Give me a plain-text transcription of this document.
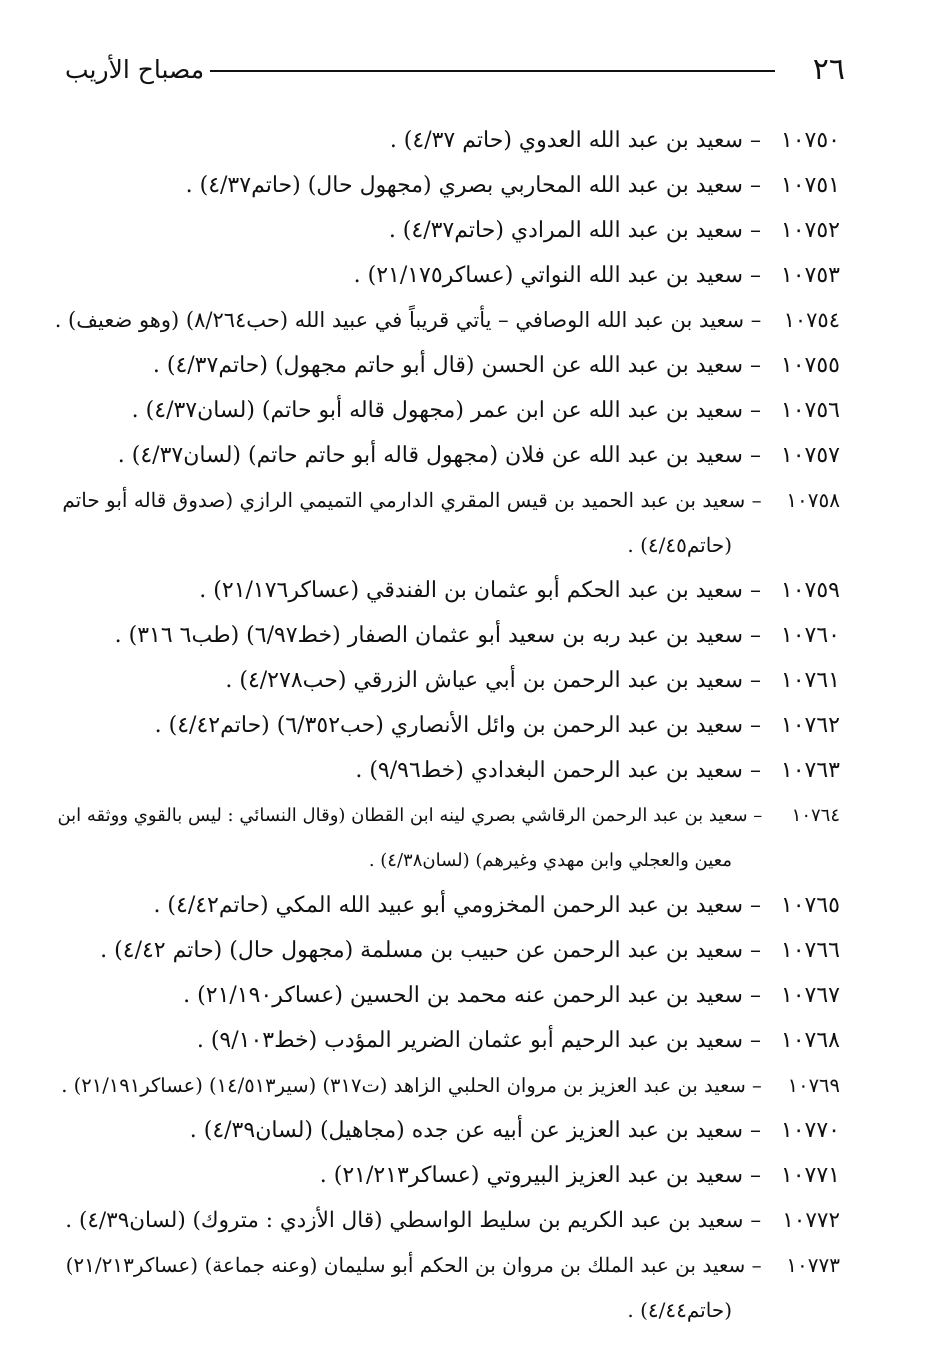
٢٦
مصباح الأريب
١٠٧٥٠ – سعيد بن عبد الله العدوي (حاتم ٤/٣٧) .
١٠٧٥١ – سعيد بن عبد الله المحاربي بصري (مجهول حال) (حاتم٤/٣٧) .
١٠٧٥٢ – سعيد بن عبد الله المرادي (حاتم٤/٣٧) .
١٠٧٥٣ – سعيد بن عبد الله النواتي (عساكر٢١/١٧٥) .
١٠٧٥٤ – سعيد بن عبد الله الوصافي – يأتي قريباً في عبيد الله (حب٨/٢٦٤) (وهو ضعيف) .
١٠٧٥٥ – سعيد بن عبد الله عن الحسن (قال أبو حاتم مجهول) (حاتم٤/٣٧) .
١٠٧٥٦ – سعيد بن عبد الله عن ابن عمر (مجهول قاله أبو حاتم) (لسان٤/٣٧) .
١٠٧٥٧ – سعيد بن عبد الله عن فلان (مجهول قاله أبو حاتم حاتم) (لسان٤/٣٧) .
١٠٧٥٨ – سعيد بن عبد الحميد بن قيس المقري الدارمي التميمي الرازي (صدوق قاله أبو حاتم
(حاتم٤/٤٥) .
١٠٧٥٩ – سعيد بن عبد الحكم أبو عثمان بن الفندقي (عساكر٢١/١٧٦) .
١٠٧٦٠ – سعيد بن عبد ربه بن سعيد أبو عثمان الصفار (خط٦/٩٧) (طب٦ ٣١٦) .
١٠٧٦١ – سعيد بن عبد الرحمن بن أبي عياش الزرقي (حب٤/٢٧٨) .
١٠٧٦٢ – سعيد بن عبد الرحمن بن وائل الأنصاري (حب٦/٣٥٢) (حاتم٤/٤٢) .
١٠٧٦٣ – سعيد بن عبد الرحمن البغدادي (خط٩/٩٦) .
١٠٧٦٤ – سعيد بن عبد الرحمن الرقاشي بصري لينه ابن القطان (وقال النسائي : ليس بالقوي ووثقه ابن
معين والعجلي وابن مهدي وغيرهم) (لسان٤/٣٨) .
١٠٧٦٥ – سعيد بن عبد الرحمن المخزومي أبو عبيد الله المكي (حاتم٤/٤٢) .
١٠٧٦٦ – سعيد بن عبد الرحمن عن حبيب بن مسلمة (مجهول حال) (حاتم ٤/٤٢) .
١٠٧٦٧ – سعيد بن عبد الرحمن عنه محمد بن الحسين (عساكر٢١/١٩٠) .
١٠٧٦٨ – سعيد بن عبد الرحيم أبو عثمان الضرير المؤدب (خط٩/١٠٣) .
١٠٧٦٩ – سعيد بن عبد العزيز بن مروان الحلبي الزاهد (ت٣١٧) (سير١٤/٥١٣) (عساكر٢١/١٩١) .
١٠٧٧٠ – سعيد بن عبد العزيز عن أبيه عن جده (مجاهيل) (لسان٤/٣٩) .
١٠٧٧١ – سعيد بن عبد العزيز البيروتي (عساكر٢١/٢١٣) .
١٠٧٧٢ – سعيد بن عبد الكريم بن سليط الواسطي (قال الأزدي : متروك) (لسان٤/٣٩) .
١٠٧٧٣ – سعيد بن عبد الملك بن مروان بن الحكم أبو سليمان (وعنه جماعة) (عساكر٢١/٢١٣)
(حاتم٤/٤٤) .
